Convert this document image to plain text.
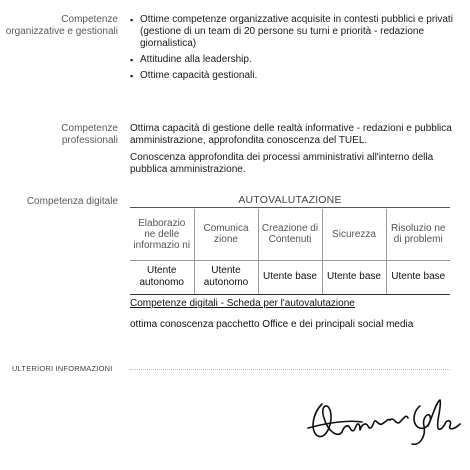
Competenze
organizzative e gestionali
▪ Ottime competenze organizzative acquisite in contesti pubblici e privati (gestione di un team di 20 persone su turni e priorità - redazione giornalistica)
▪ Attitudine alla leadership.
▪ Ottime capacità gestionali.
Competenze
professionali

Ottima capacità di gestione delle realtà informative - redazioni e pubblica amministrazione, approfondita conoscenza del TUEL.

Conoscenza approfondita dei processi amministrativi all'interno della pubblica amministrazione.

Competenza digitale	AUTOVALUTAZIONE
Elaborazio ne delle informazio ni	Comunica zione	Creazione di Contenuti	Sicurezza	Risoluzio ne di problemi
Utente autonomo	Utente autonomo	Utente base	Utente base	Utente base
Competenze digitali - Scheda per l'autovalutazione
ottima conoscenza pacchetto Office e dei principali social media
ULTERIORI INFORMAZIONI
